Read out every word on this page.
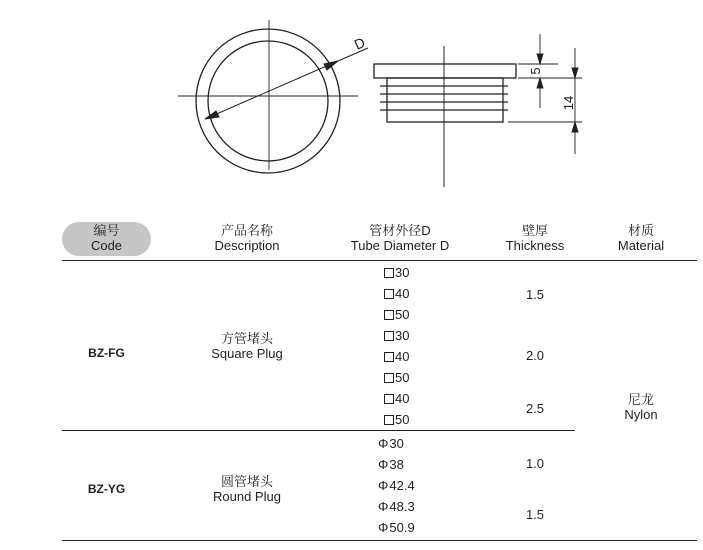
D
5
14
编号
Code
产品名称
Description
管材外径D
Tube Diameter D
壁厚
Thickness
材质
Material
BZ-FG
方管堵头
Square Plug
30
40
50
30
40
50
40
50
1.5
2.0
2.5
尼龙
Nylon
BZ-YG	圆管堵头
Round Plug
Φ30
Φ38
Φ42.4
Φ48.3
Φ50.9
1.0
1.5
